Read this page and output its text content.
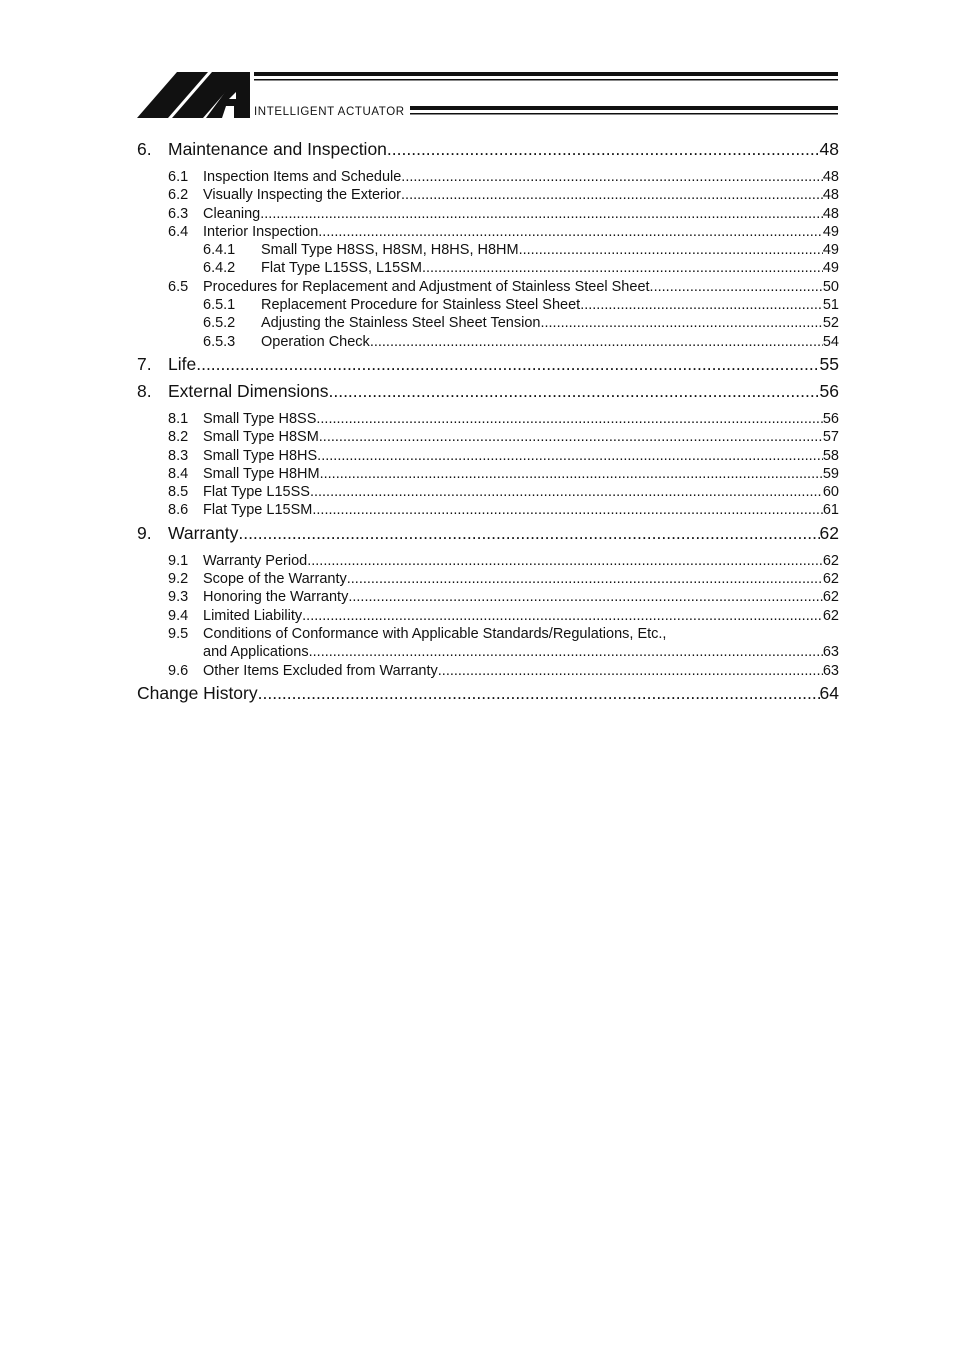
INTELLIGENT ACTUATOR
6. Maintenance and Inspection .....	48
6.1	Inspection Items and Schedule .....	48
6.2	Visually Inspecting the Exterior .....	48
6.3	Cleaning .....	48
6.4	Interior Inspection .....	49
6.4.1	Small Type H8SS, H8SM, H8HS, H8HM .....	49
6.4.2	Flat Type L15SS, L15SM .....	49
6.5	Procedures for Replacement and Adjustment of Stainless Steel Sheet .....	50
6.5.1	Replacement Procedure for Stainless Steel Sheet .....	51
6.5.2	Adjusting the Stainless Steel Sheet Tension .....	52
6.5.3	Operation Check .....	54
7. Life .....	55
8. External Dimensions .....	56
8.1	Small Type H8SS .....	56
8.2	Small Type H8SM .....	57
8.3	Small Type H8HS .....	58
8.4	Small Type H8HM .....	59
8.5	Flat Type L15SS .....	60
8.6	Flat Type L15SM .....	61
9. Warranty .....	62
9.1	Warranty Period .....	62
9.2	Scope of the Warranty .....	62
9.3	Honoring the Warranty .....	62
9.4	Limited Liability .....	62
9.5	Conditions of Conformance with Applicable Standards/Regulations, Etc.,
and Applications .....	63
9.6	Other Items Excluded from Warranty .....	63
Change History .....	64
